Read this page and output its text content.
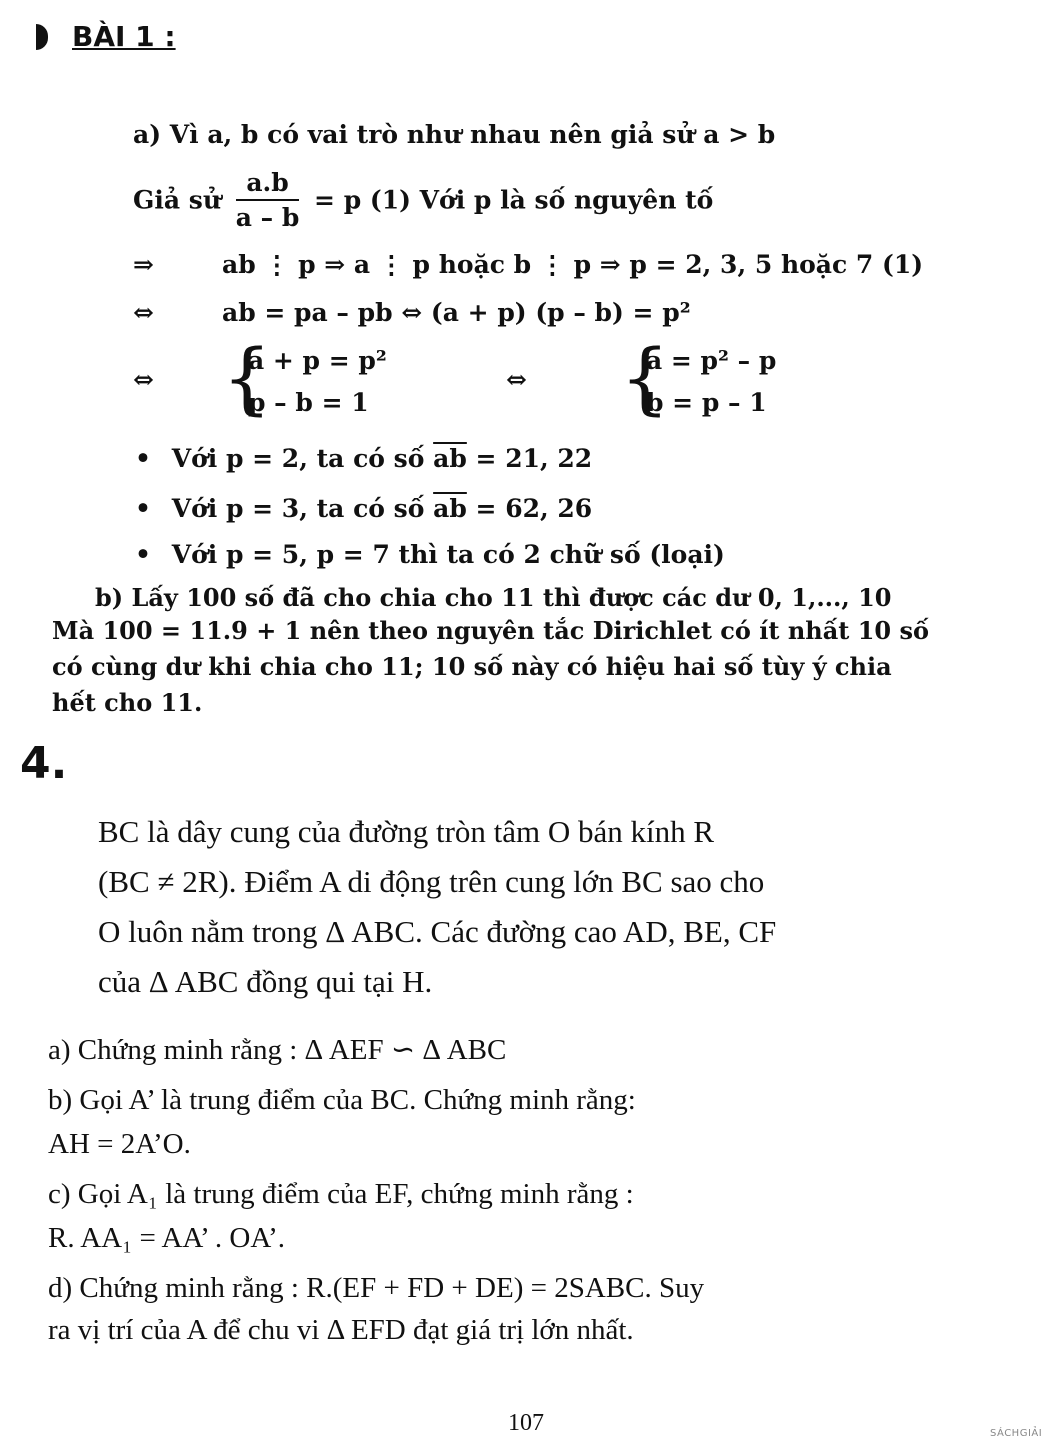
BÀI 1 :
a) Vì a, b có vai trò như nhau nên giả sử a > b
Giả sử $\frac{a.b}{a - b} = p$ (1) Với p là số nguyên tố
⇒	ab ⋮ p ⇒ a ⋮ p hoặc b ⋮ p ⇒ p = 2, 3, 5 hoặc 7 (1)
⇔	ab = pa – pb ⇔ (a + p) (p – b) = p²
⇔ {
a + p = p²
p – b = 1
⇔ {
a = p² – p
b = p – 1
• Với p = 2, ta có số $\overline{ab} = 21$, 22
• Với p = 3, ta có số $\overline{ab} = 62$, 26
• Với p = 5, p = 7 thì ta có 2 chữ số (loại)
b) Lấy 100 số đã cho chia cho 11 thì được các dư 0, 1,..., 10
Mà 100 = 11.9 + 1 nên theo nguyên tắc Dirichlet có ít nhất 10 số
có cùng dư khi chia cho 11; 10 số này có hiệu hai số tùy ý chia
hết cho 11.
4.
BC là dây cung của đường tròn tâm O bán kính R
(BC ≠ 2R). Điểm A di động trên cung lớn BC sao cho
O luôn nằm trong Δ ABC. Các đường cao AD, BE, CF
của Δ ABC đồng qui tại H.
a) Chứng minh rằng : Δ AEF ∽ Δ ABC
b) Gọi A’ là trung điểm của BC. Chứng minh rằng:
AH = 2A’O.
c) Gọi A₁ là trung điểm của EF, chứng minh rằng :
R. AA₁ = AA’ . OA’.
d) Chứng minh rằng : R.(EF + FD + DE) = 2SABC. Suy
ra vị trí của A để chu vi Δ EFD đạt giá trị lớn nhất.
107	SÁCHGIẢI
